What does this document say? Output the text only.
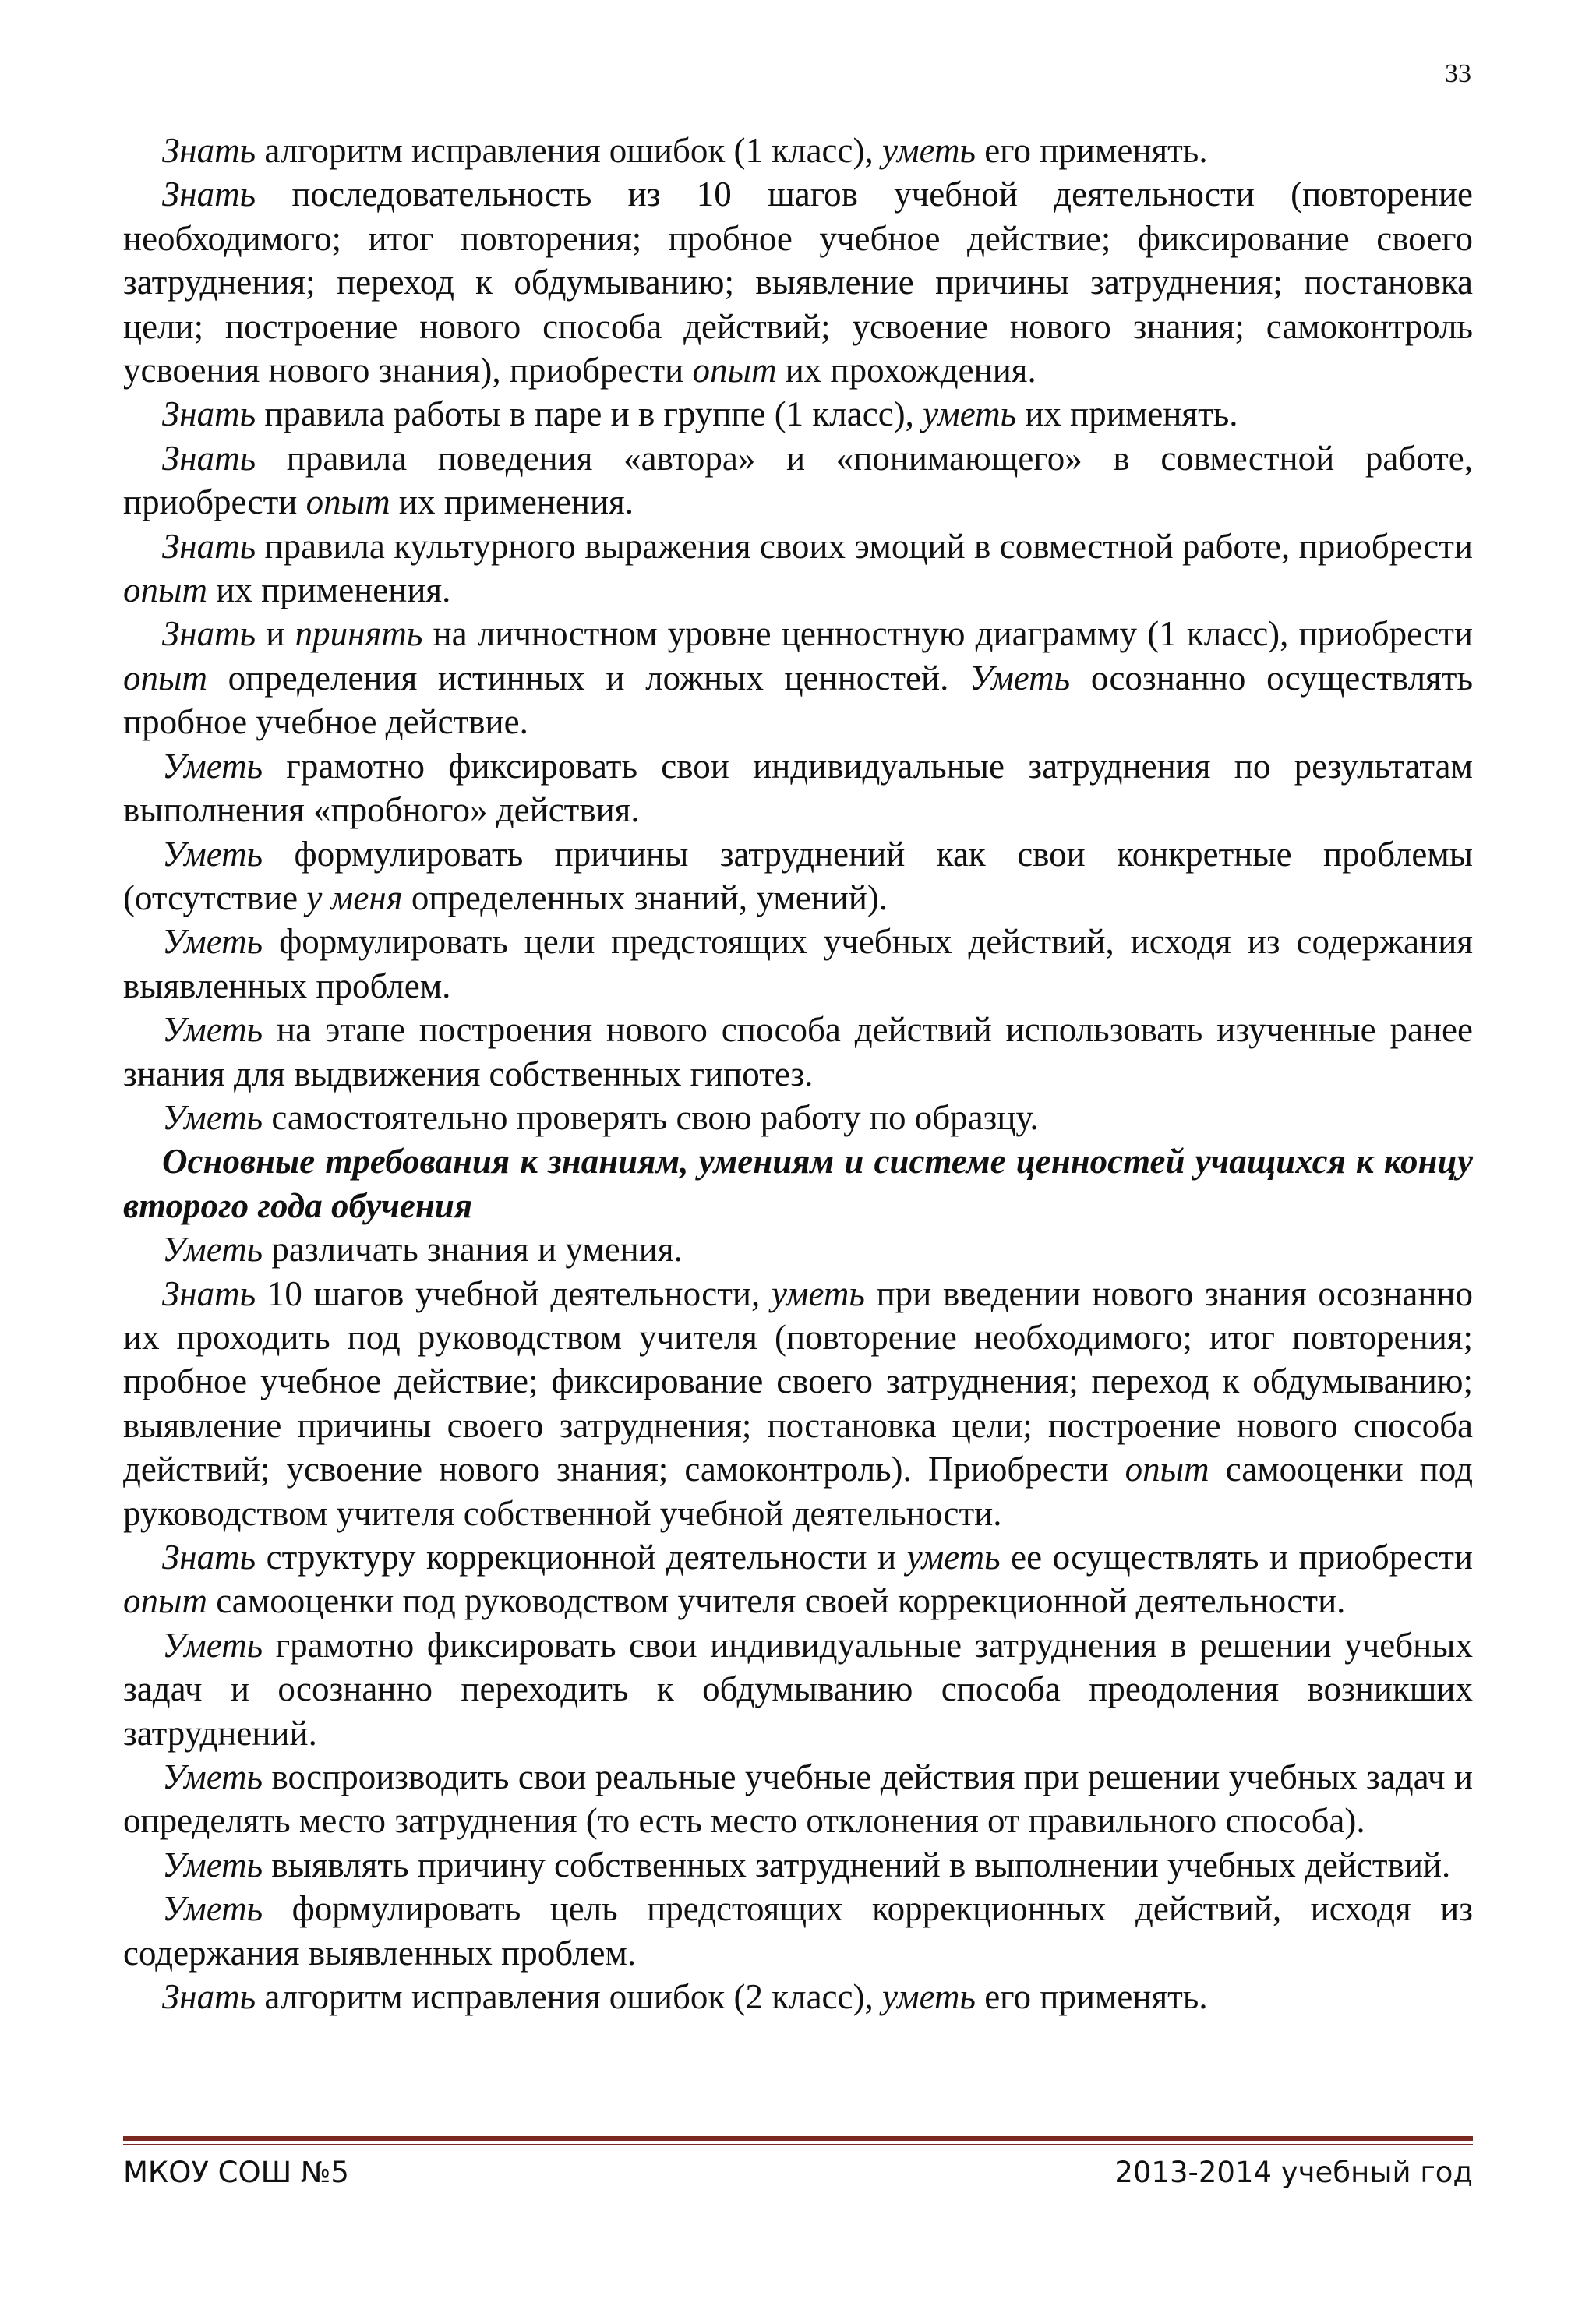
33

Знать алгоритм исправления ошибок (1 класс), уметь его применять.

Знать последовательность из 10 шагов учебной деятельности (повторение необходимого; итог повторения; пробное учебное действие; фиксирование своего затруднения; переход к обдумыванию; выявление причины затруднения; постановка цели; построение нового способа действий; усвоение нового знания; самоконтроль усвоения нового знания), приобрести опыт их прохождения.

Знать правила работы в паре и в группе (1 класс), уметь их применять.

Знать правила поведения «автора» и «понимающего» в совместной работе, приобрести опыт их применения.

Знать правила культурного выражения своих эмоций в совместной работе, приобрести опыт их применения.

Знать и принять на личностном уровне ценностную диаграмму (1 класс), приобрести опыт определения истинных и ложных ценностей. Уметь осознанно осуществлять пробное учебное действие.

Уметь грамотно фиксировать свои индивидуальные затруднения по результатам выполнения «пробного» действия.

Уметь формулировать причины затруднений как свои конкретные проблемы (отсутствие у меня определенных знаний, умений).

Уметь формулировать цели предстоящих учебных действий, исходя из содержания выявленных проблем.

Уметь на этапе построения нового способа действий использовать изученные ранее знания для выдвижения собственных гипотез.

Уметь самостоятельно проверять свою работу по образцу.

Основные требования к знаниям, умениям и системе ценностей учащихся к концу второго года обучения

Уметь различать знания и умения.

Знать 10 шагов учебной деятельности, уметь при введении нового знания осознанно их проходить под руководством учителя (повторение необходимого; итог повторения; пробное учебное действие; фиксирование своего затруднения; переход к обдумыванию; выявление причины своего затруднения; постановка цели; построение нового способа действий; усвоение нового знания; самоконтроль). Приобрести опыт самооценки под руководством учителя собственной учебной деятельности.

Знать структуру коррекционной деятельности и уметь ее осуществлять и приобрести опыт самооценки под руководством учителя своей коррекционной деятельности.

Уметь грамотно фиксировать свои индивидуальные затруднения в решении учебных задач и осознанно переходить к обдумыванию способа преодоления возникших затруднений.

Уметь воспроизводить свои реальные учебные действия при решении учебных задач и определять место затруднения (то есть место отклонения от правильного способа).

Уметь выявлять причину собственных затруднений в выполнении учебных действий.

Уметь формулировать цель предстоящих коррекционных действий, исходя из содержания выявленных проблем.

Знать алгоритм исправления ошибок (2 класс), уметь его применять.

МКОУ СОШ №5	2013-2014 учебный год
